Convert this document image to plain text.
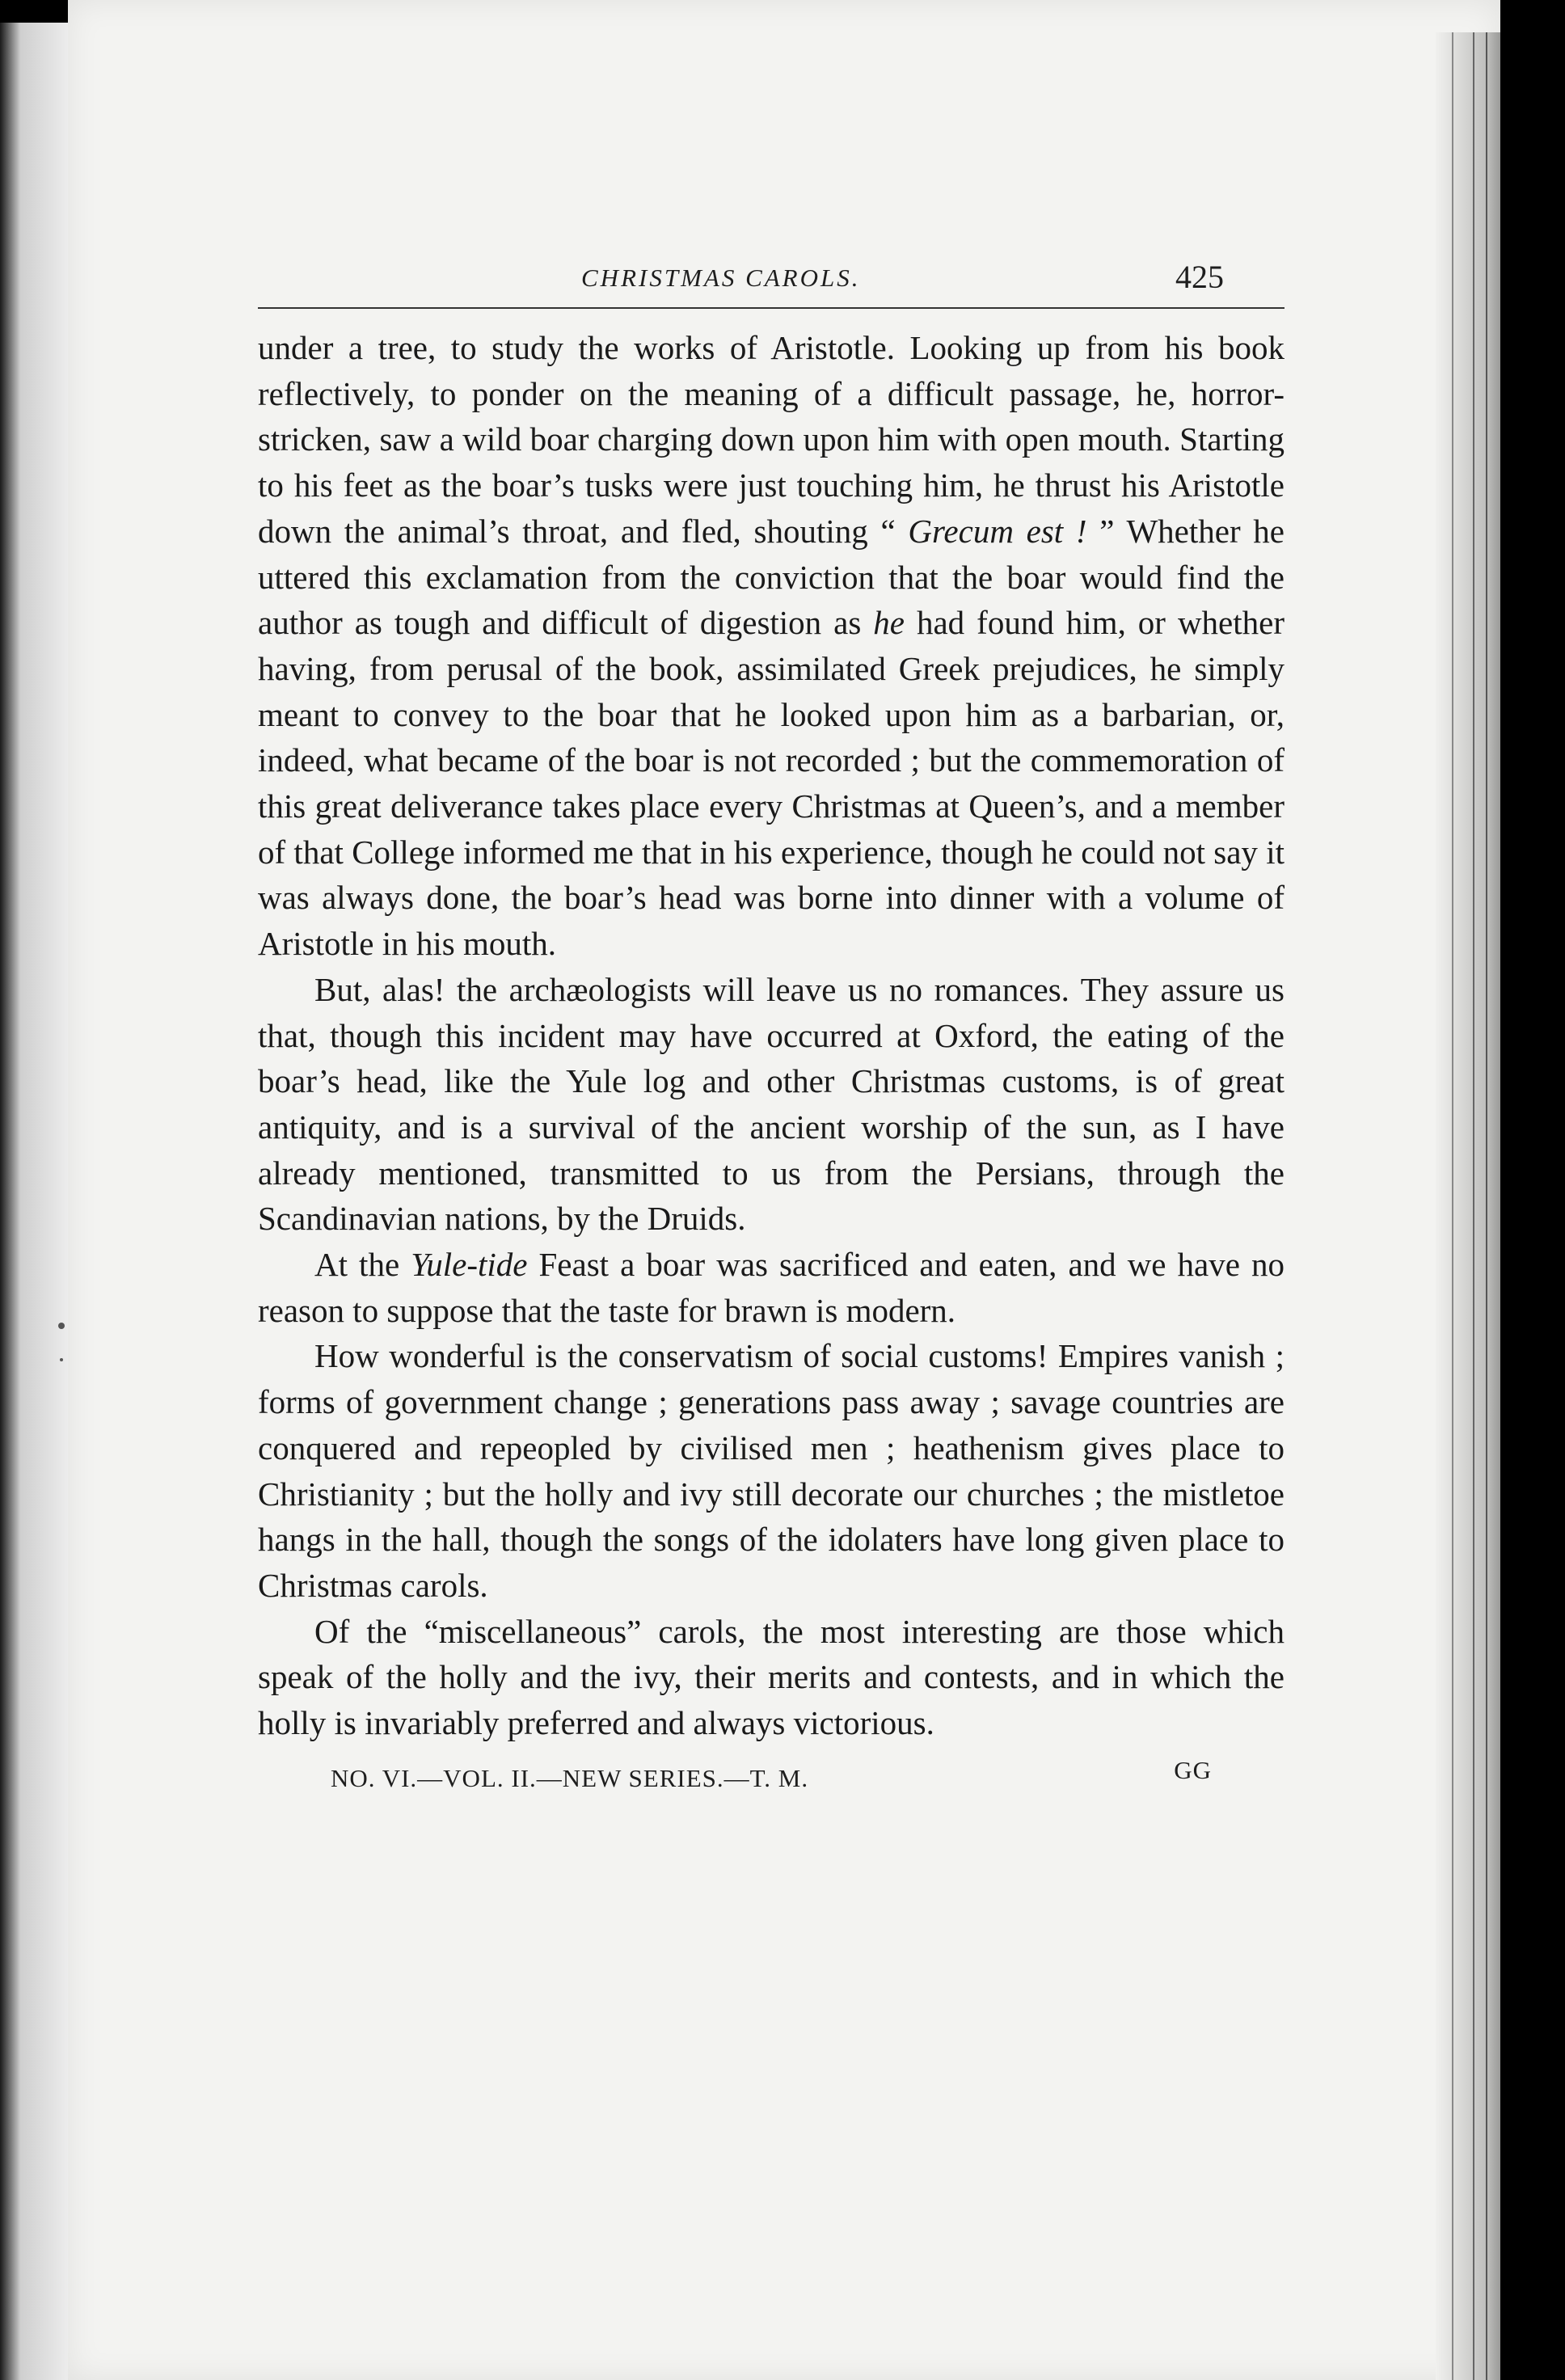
CHRISTMAS CAROLS.	425

under a tree, to study the works of Aristotle. Looking up from his book reflectively, to ponder on the meaning of a difficult passage, he, horror-stricken, saw a wild boar charging down upon him with open mouth. Starting to his feet as the boar’s tusks were just touching him, he thrust his Aristotle down the animal’s throat, and fled, shouting “ Grecum est ! ” Whether he uttered this exclamation from the conviction that the boar would find the author as tough and difficult of digestion as he had found him, or whether having, from perusal of the book, assimilated Greek prejudices, he simply meant to convey to the boar that he looked upon him as a barbarian, or, indeed, what became of the boar is not recorded ; but the commemoration of this great deliverance takes place every Christmas at Queen’s, and a member of that College informed me that in his experience, though he could not say it was always done, the boar’s head was borne into dinner with a volume of Aristotle in his mouth.

But, alas! the archæologists will leave us no romances. They assure us that, though this incident may have occurred at Oxford, the eating of the boar’s head, like the Yule log and other Christmas customs, is of great antiquity, and is a survival of the ancient worship of the sun, as I have already mentioned, transmitted to us from the Persians, through the Scandinavian nations, by the Druids.

At the Yule-tide Feast a boar was sacrificed and eaten, and we have no reason to suppose that the taste for brawn is modern.

How wonderful is the conservatism of social customs! Empires vanish ; forms of government change ; generations pass away ; savage countries are conquered and repeopled by civilised men ; heathenism gives place to Christianity ; but the holly and ivy still decorate our churches ; the mistletoe hangs in the hall, though the songs of the idolaters have long given place to Christmas carols.

Of the “miscellaneous” carols, the most interesting are those which speak of the holly and the ivy, their merits and contests, and in which the holly is invariably preferred and always victorious.

NO. VI.—VOL. II.—NEW SERIES.—T. M.	GG
